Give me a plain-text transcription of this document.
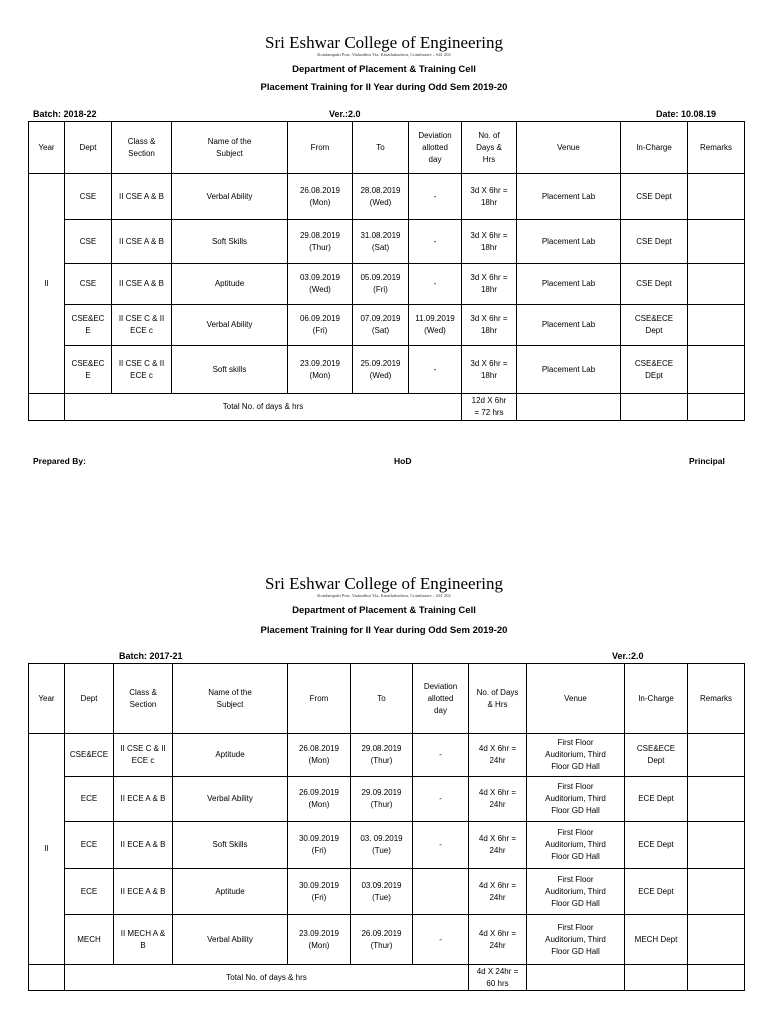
Sri Eshwar College of Engineering
Kondampatti Post, Vadasithur Via, Kinathukadavu, Coimbatore – 641 202
Department of Placement & Training Cell
Placement Training for II Year during Odd Sem 2019-20
Batch: 2018-22	Ver.:2.0	Date: 10.08.19
Year	Dept	Class &
Section	Name of the
Subject	From	To	Deviation
allotted
day	No. of
Days &
Hrs	Venue	In-Charge	Remarks
II	CSE	II CSE A & B	Verbal Ability	26.08.2019
(Mon)	28.08.2019
(Wed)	-	3d X 6hr =
18hr	Placement Lab	CSE Dept	
	CSE	II CSE A & B	Soft Skills	29.08.2019
(Thur)	31.08.2019
(Sat)	-	3d X 6hr =
18hr	Placement Lab	CSE Dept	
	CSE	II CSE A & B	Aptitude	03.09.2019
(Wed)	05.09.2019
(Fri)	-	3d X 6hr =
18hr	Placement Lab	CSE Dept	
	CSE&EC
E	II CSE C & II
ECE c	Verbal Ability	06.09.2019
(Fri)	07.09.2019
(Sat)	11.09.2019
(Wed)	3d X 6hr =
18hr	Placement Lab	CSE&ECE
Dept	
	CSE&EC
E	II CSE C & II
ECE c	Soft skills	23.09.2019
(Mon)	25.09.2019
(Wed)	-	3d X 6hr =
18hr	Placement Lab	CSE&ECE
DEpt	
	Total No. of days & hrs						12d X 6hr
= 72 hrs			
Prepared By:	HoD	Principal
Sri Eshwar College of Engineering
Kondampatti Post, Vadasithur Via, Kinathukadavu, Coimbatore – 641 202
Department of Placement & Training Cell
Placement Training for II Year during Odd Sem 2019-20
Batch: 2017-21	Ver.:2.0
Year	Dept	Class &
Section	Name of the
Subject	From	To	Deviation
allotted
day	No. of Days
& Hrs	Venue	In-Charge	Remarks
II	CSE&ECE	II CSE C & II
ECE c	Aptitude	26.08.2019
(Mon)	29.08.2019
(Thur)	-	4d X 6hr =
24hr	First Floor
Auditorium, Third
Floor GD Hall	CSE&ECE
Dept	
	ECE	II ECE A & B	Verbal Ability	26.09.2019
(Mon)	29.09.2019
(Thur)	-	4d X 6hr =
24hr	First Floor
Auditorium, Third
Floor GD Hall	ECE Dept	
	ECE	II ECE A & B	Soft Skills	30.09.2019
(Fri)	03. 09.2019
(Tue)	-	4d X 6hr =
24hr	First Floor
Auditorium, Third
Floor GD Hall	ECE Dept	
	ECE	II ECE A & B	Aptitude	30.09.2019
(Fri)	03.09.2019
(Tue)		4d X 6hr =
24hr	First Floor
Auditorium, Third
Floor GD Hall	ECE Dept	
	MECH	II MECH A &
B	Verbal Ability	23.09.2019
(Mon)	26.09.2019
(Thur)	-	4d X 6hr =
24hr	First Floor
Auditorium, Third
Floor GD Hall	MECH Dept	
	Total No. of days & hrs						4d X 24hr =
60 hrs			
